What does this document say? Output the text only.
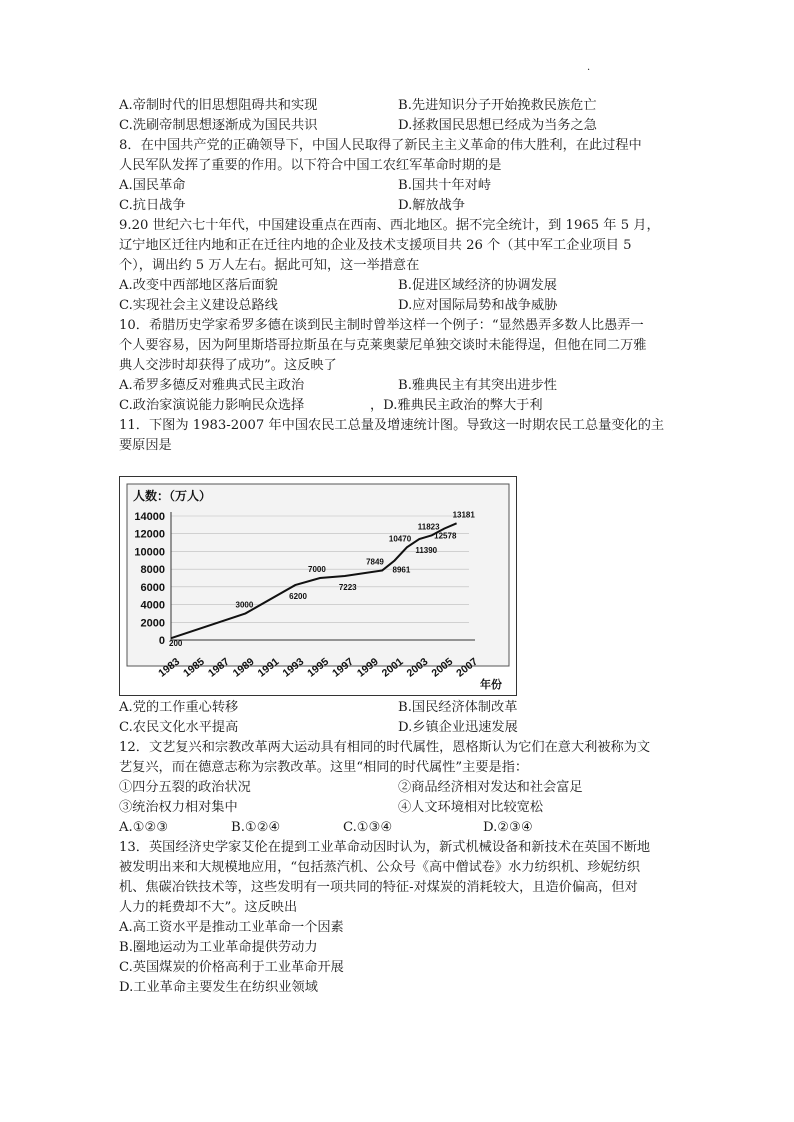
.
A.帝制时代的旧思想阻碍共和实现	B.先进知识分子开始挽救民族危亡
C.洗刷帝制思想逐渐成为国民共识	D.拯救国民思想已经成为当务之急
8．在中国共产党的正确领导下，中国人民取得了新民主主义革命的伟大胜利，在此过程中
人民军队发挥了重要的作用。以下符合中国工农红军革命时期的是
A.国民革命	B.国共十年对峙
C.抗日战争	D.解放战争
9.20 世纪六七十年代，中国建设重点在西南、西北地区。据不完全统计，到 1965 年 5 月，
辽宁地区迁往内地和正在迁往内地的企业及技术支援项目共 26 个（其中军工企业项目 5
个），调出约 5 万人左右。据此可知，这一举措意在
A.改变中西部地区落后面貌	B.促进区域经济的协调发展
C.实现社会主义建设总路线	D.应对国际局势和战争威胁
10．希腊历史学家希罗多德在谈到民主制时曾举这样一个例子：“显然愚弄多数人比愚弄一
个人要容易，因为阿里斯塔哥拉斯虽在与克莱奥蒙尼单独交谈时未能得逞，但他在同二万雅
典人交涉时却获得了成功”。这反映了
A.希罗多德反对雅典式民主政治	B.雅典民主有其突出进步性
C.政治家演说能力影响民众选择	，D.雅典民主政治的弊大于利
11．下图为 1983-2007 年中国农民工总量及增速统计图。导致这一时期农民工总量变化的主
要原因是
A.党的工作重心转移	B.国民经济体制改革
C.农民文化水平提高	D.乡镇企业迅速发展
12．文艺复兴和宗教改革两大运动具有相同的时代属性，恩格斯认为它们在意大利被称为文
艺复兴，而在德意志称为宗教改革。这里“相同的时代属性”主要是指：
①四分五裂的政治状况	②商品经济相对发达和社会富足
③统治权力相对集中	④人文环境相对比较宽松
A.①②③	B.①②④	C.①③④	D.②③④
13．英国经济史学家艾伦在提到工业革命动因时认为，新式机械设备和新技术在英国不断地
被发明出来和大规模地应用，“包括蒸汽机、公众号《高中僧试卷》水力纺织机、珍妮纺织
机、焦碳冶铁技术等，这些发明有一项共同的特征-对煤炭的消耗较大，且造价偏高，但对
人力的耗费却不大”。这反映出
A.高工资水平是推动工业革命一个因素
B.圈地运动为工业革命提供劳动力
C.英国煤炭的价格高利于工业革命开展
D.工业革命主要发生在纺织业领域
人数：（万人）
0
2000
4000
6000
8000
10000
12000
14000
1983 1985 1987 1989 1991 1993 1995 1997 1999 2001 2003 2005 2007
200
3000
6200
7000
7223
7849
8961
10470
11390
11823
12578
13181
年份
